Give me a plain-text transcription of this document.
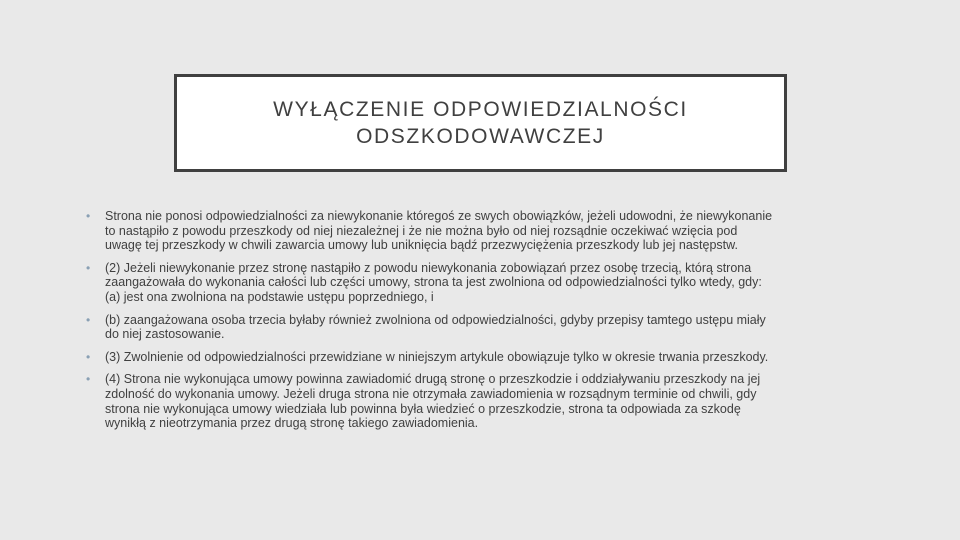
WYŁĄCZENIE ODPOWIEDZIALNOŚCI
ODSZKODOWAWCZEJ
• Strona nie ponosi odpowiedzialności za niewykonanie któregoś ze swych obowiązków, jeżeli udowodni, że niewykonanie to nastąpiło z powodu przeszkody od niej niezależnej i że nie można było od niej rozsądnie oczekiwać wzięcia pod uwagę tej przeszkody w chwili zawarcia umowy lub uniknięcia bądź przezwyciężenia przeszkody lub jej następstw.
• (2) Jeżeli niewykonanie przez stronę nastąpiło z powodu niewykonania zobowiązań przez osobę trzecią, którą strona zaangażowała do wykonania całości lub części umowy, strona ta jest zwolniona od odpowiedzialności tylko wtedy, gdy:(a) jest ona zwolniona na podstawie ustępu poprzedniego, i
• (b) zaangażowana osoba trzecia byłaby również zwolniona od odpowiedzialności, gdyby przepisy tamtego ustępu miały do niej zastosowanie.
• (3) Zwolnienie od odpowiedzialności przewidziane w niniejszym artykule obowiązuje tylko w okresie trwania przeszkody.
• (4) Strona nie wykonująca umowy powinna zawiadomić drugą stronę o przeszkodzie i oddziaływaniu przeszkody na jej zdolność do wykonania umowy. Jeżeli druga strona nie otrzymała zawiadomienia w rozsądnym terminie od chwili, gdy strona nie wykonująca umowy wiedziała lub powinna była wiedzieć o przeszkodzie, strona ta odpowiada za szkodę wynikłą z nieotrzymania przez drugą stronę takiego zawiadomienia.
